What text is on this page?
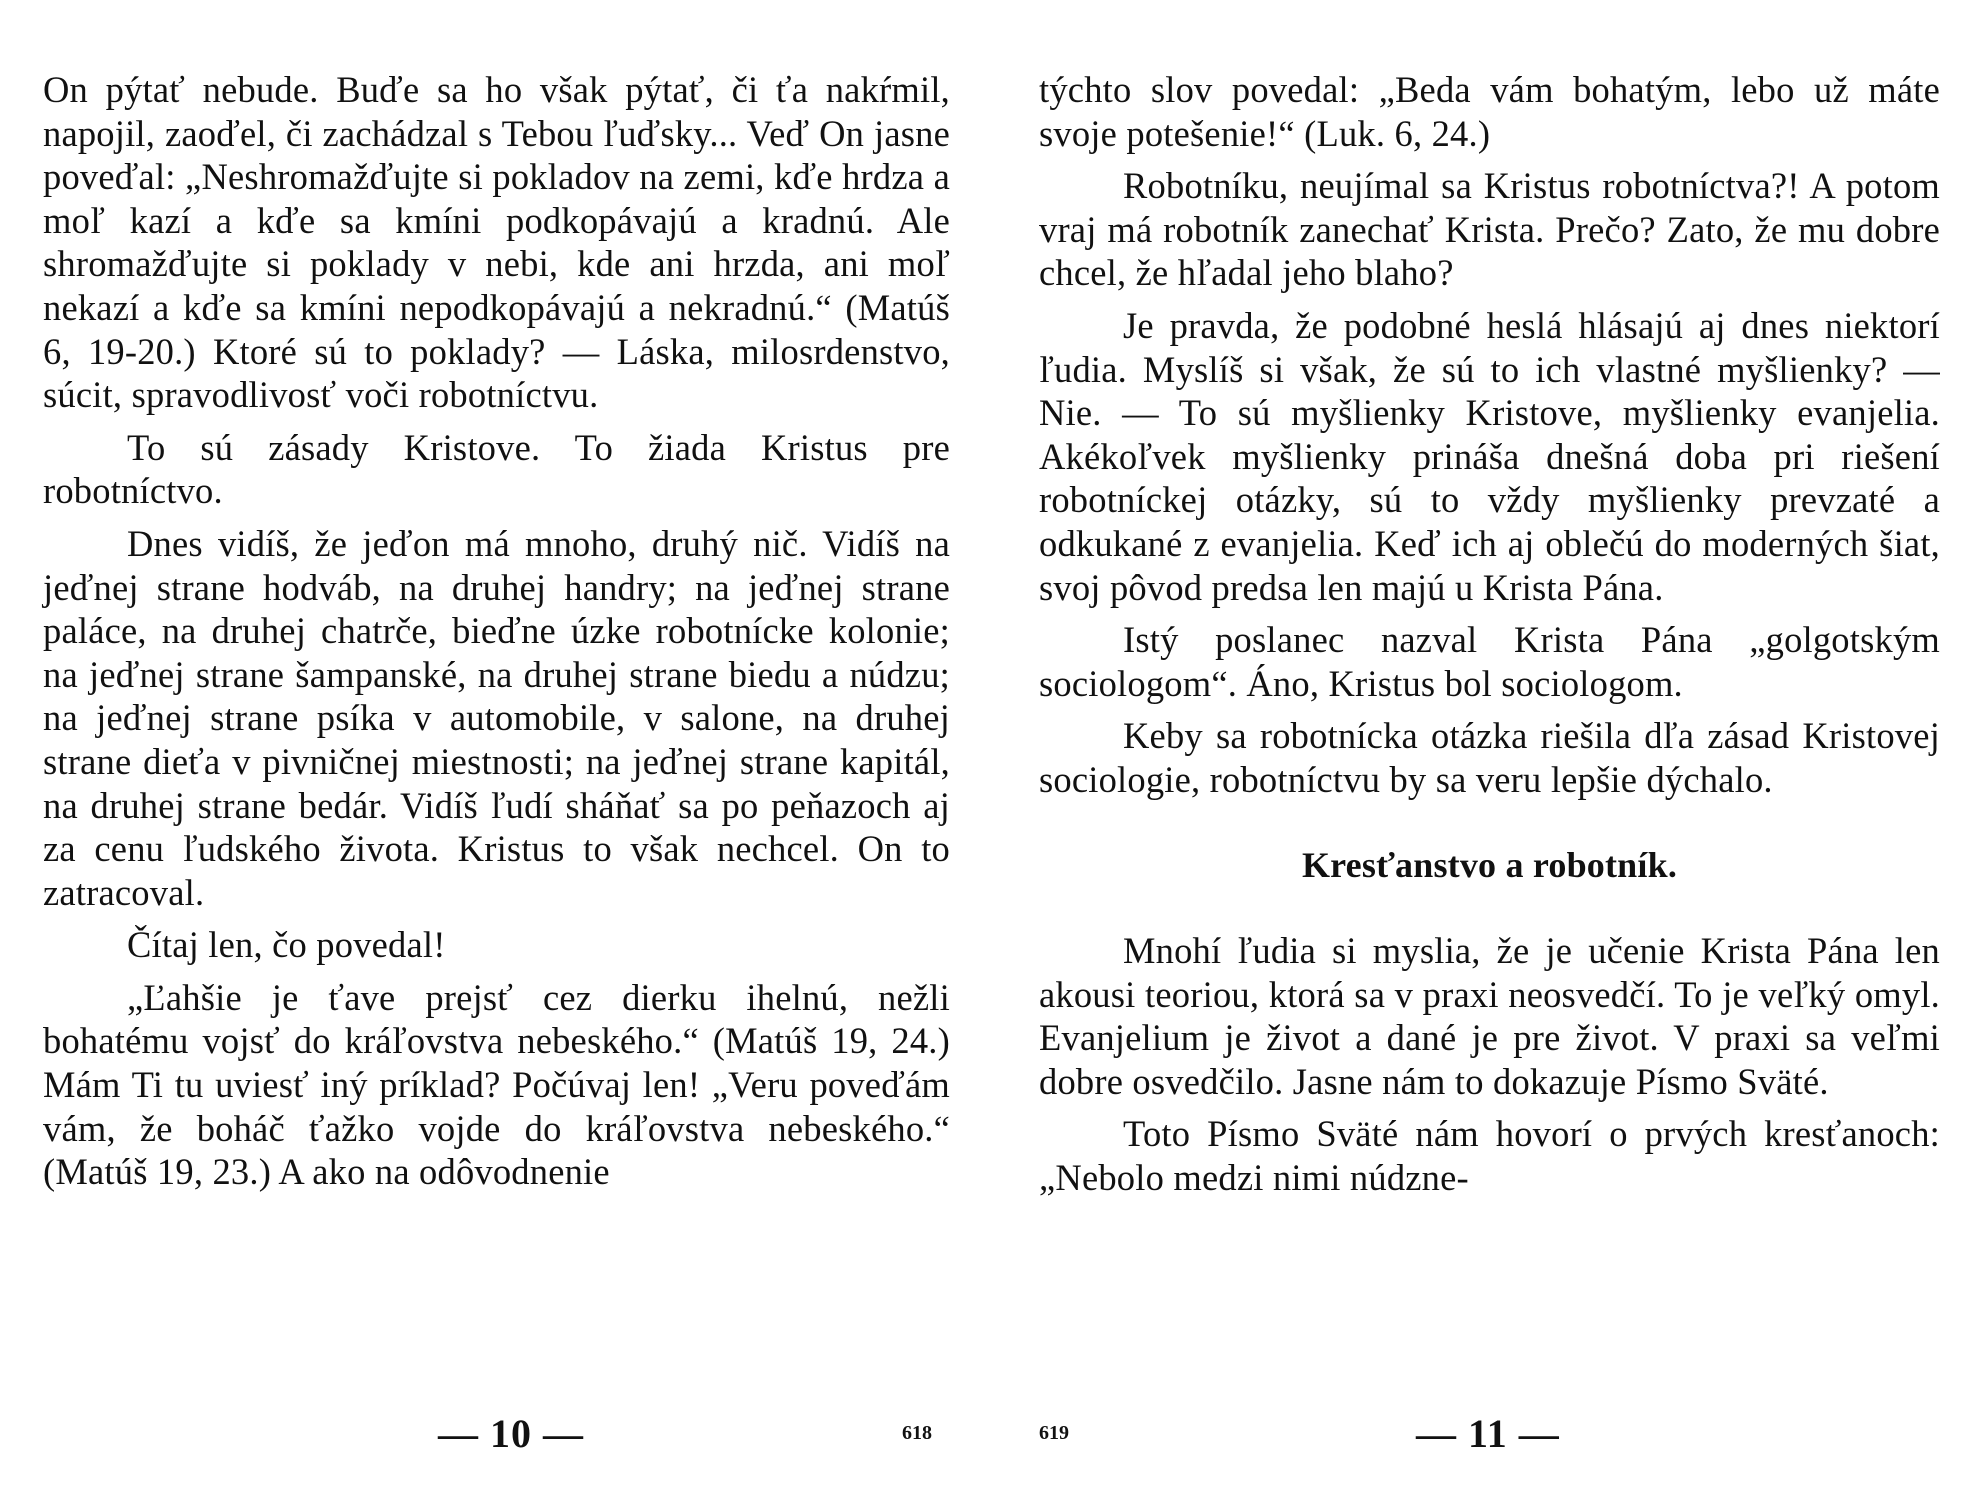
On pýtať nebude. Buďe sa ho však pýtať, či ťa nakŕmil, napojil, zaoďel, či zachádzal s Tebou ľuďsky... Veď On jasne poveďal: „Neshromažďujte si pokladov na zemi, kďe hrdza a moľ kazí a kďe sa kmíni podkopávajú a kradnú. Ale shromažďujte si poklady v nebi, kde ani hrzda, ani moľ nekazí a kďe sa kmíni nepodkopávajú a nekradnú.“ (Matúš 6, 19-20.) Ktoré sú to poklady? — Láska, milosrdenstvo, súcit, spravodlivosť voči robotníctvu.

To sú zásady Kristove. To žiada Kristus pre robotníctvo.

Dnes vidíš, že jeďon má mnoho, druhý nič. Vidíš na jeďnej strane hodváb, na druhej handry; na jeďnej strane paláce, na druhej chatrče, bieďne úzke robotnícke kolonie; na jeďnej strane šampanské, na druhej strane biedu a núdzu; na jeďnej strane psíka v automobile, v salone, na druhej strane dieťa v pivničnej miestnosti; na jeďnej strane kapitál, na druhej strane bedár. Vidíš ľudí sháňať sa po peňazoch aj za cenu ľudského života. Kristus to však nechcel. On to zatracoval.

Čítaj len, čo povedal!

„Ľahšie je ťave prejsť cez dierku ihelnú, nežli bohatému vojsť do kráľovstva nebeského.“ (Matúš 19, 24.) Mám Ti tu uviesť iný príklad? Počúvaj len! „Veru poveďám vám, že boháč ťažko vojde do kráľovstva nebeského.“ (Matúš 19, 23.) A ako na odôvodnenie

— 10 —	618

týchto slov povedal: „Beda vám bohatým, lebo už máte svoje potešenie!“ (Luk. 6, 24.)

Robotníku, neujímal sa Kristus robotníctva?! A potom vraj má robotník zanechať Krista. Prečo? Zato, že mu dobre chcel, že hľadal jeho blaho?

Je pravda, že podobné heslá hlásajú aj dnes niektorí ľudia. Myslíš si však, že sú to ich vlastné myšlienky? — Nie. — To sú myšlienky Kristove, myšlienky evanjelia. Akékoľvek myšlienky prináša dnešná doba pri riešení robotníckej otázky, sú to vždy myšlienky prevzaté a odkukané z evanjelia. Keď ich aj oblečú do moderných šiat, svoj pôvod predsa len majú u Krista Pána.

Istý poslanec nazval Krista Pána „golgotským sociologom“. Áno, Kristus bol sociologom.

Keby sa robotnícka otázka riešila dľa zásad Kristovej sociologie, robotníctvu by sa veru lepšie dýchalo.

Kresťanstvo a robotník.

Mnohí ľudia si myslia, že je učenie Krista Pána len akousi teoriou, ktorá sa v praxi neosvedčí. To je veľký omyl. Evanjelium je život a dané je pre život. V praxi sa veľmi dobre osvedčilo. Jasne nám to dokazuje Písmo Sväté.

Toto Písmo Sväté nám hovorí o prvých kresťanoch: „Nebolo medzi nimi núdzne-

619	— 11 —
